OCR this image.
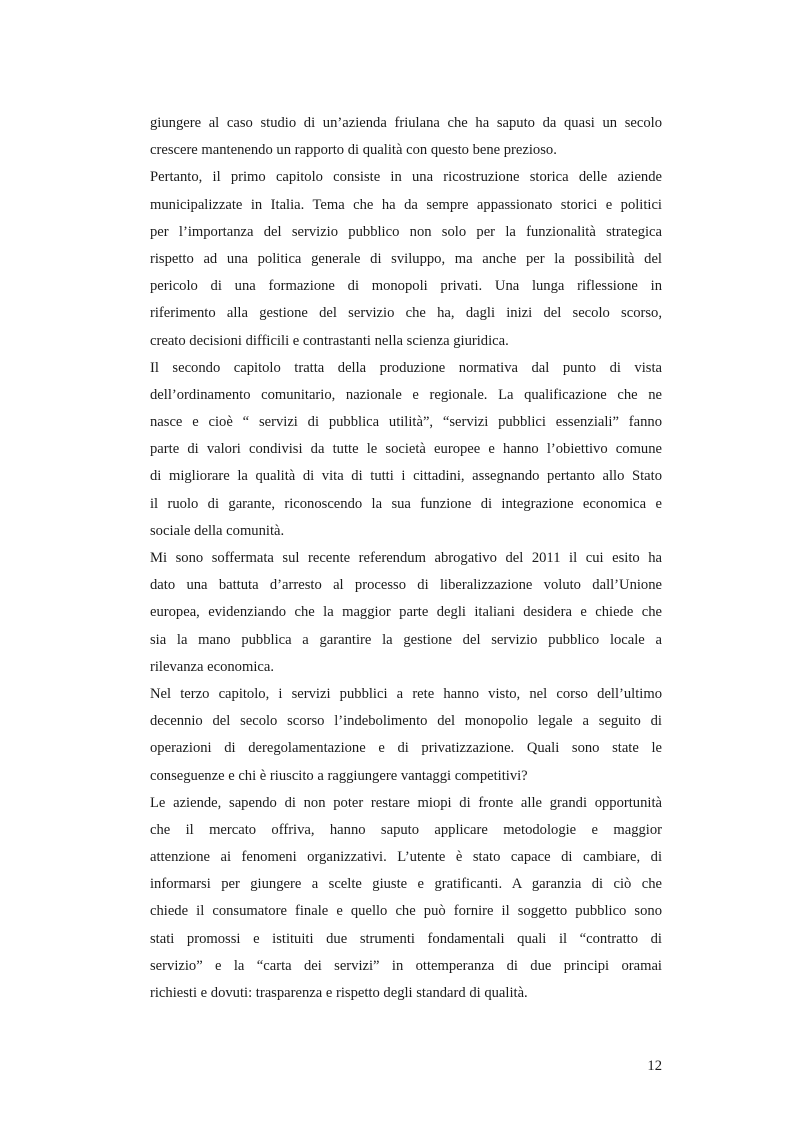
giungere al caso studio di un’azienda friulana che ha saputo da quasi un secolo
crescere mantenendo un rapporto di qualità con questo bene prezioso.
Pertanto, il primo capitolo consiste in una ricostruzione storica delle aziende
municipalizzate in Italia. Tema che ha da sempre appassionato storici e politici
per l’importanza del servizio pubblico non solo per la funzionalità strategica
rispetto ad una politica generale di sviluppo, ma anche per la possibilità del
pericolo di una formazione di monopoli privati. Una lunga riflessione in
riferimento alla gestione del servizio che ha, dagli inizi del secolo scorso,
creato decisioni difficili e contrastanti nella scienza giuridica.
Il secondo capitolo tratta della produzione normativa dal punto di vista
dell’ordinamento comunitario, nazionale e regionale. La qualificazione che ne
nasce e cioè “ servizi di pubblica utilità”, “servizi pubblici essenziali” fanno
parte di valori condivisi da tutte le società europee e hanno l’obiettivo comune
di migliorare la qualità di vita di tutti i cittadini, assegnando pertanto allo Stato
il ruolo di garante, riconoscendo la sua funzione di integrazione economica e
sociale della comunità.
Mi sono soffermata sul recente referendum abrogativo del 2011 il cui esito ha
dato una battuta d’arresto al processo di liberalizzazione voluto dall’Unione
europea, evidenziando che la maggior parte degli italiani desidera e chiede che
sia la mano pubblica a garantire la gestione del servizio pubblico locale a
rilevanza economica.
Nel terzo capitolo, i servizi pubblici a rete hanno visto, nel corso dell’ultimo
decennio del secolo scorso l’indebolimento del monopolio legale a seguito di
operazioni di deregolamentazione e di privatizzazione. Quali sono state le
conseguenze e chi è riuscito a raggiungere vantaggi competitivi?
Le aziende, sapendo di non poter restare miopi di fronte alle grandi opportunità
che il mercato offriva, hanno saputo applicare metodologie e maggior
attenzione ai fenomeni organizzativi. L’utente è stato capace di cambiare, di
informarsi per giungere a scelte giuste e gratificanti. A garanzia di ciò che
chiede il consumatore finale e quello che può fornire il soggetto pubblico sono
stati promossi e istituiti due strumenti fondamentali quali il “contratto di
servizio” e la “carta dei servizi” in ottemperanza di due principi oramai
richiesti e dovuti: trasparenza e rispetto degli standard di qualità.
12
